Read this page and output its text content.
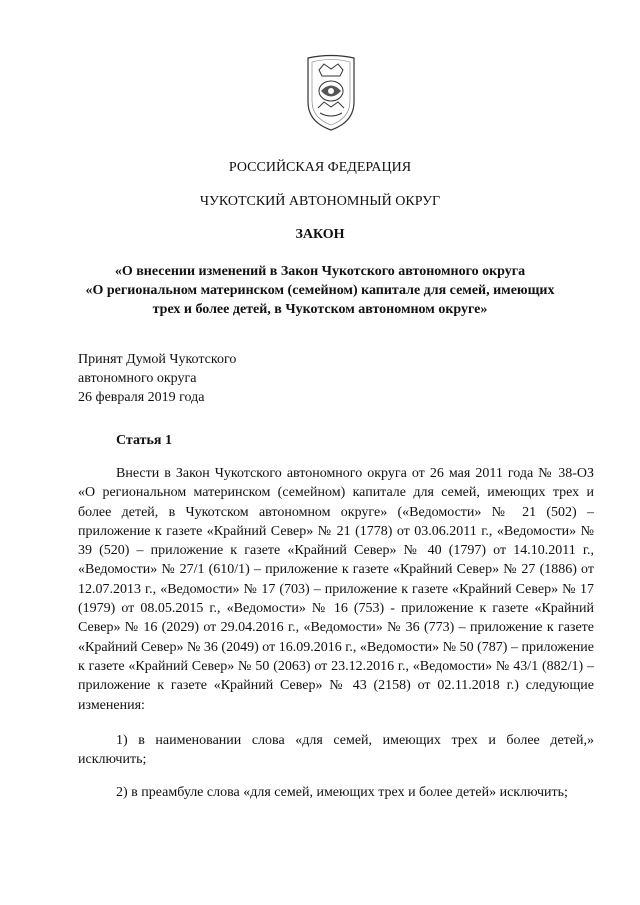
РОССИЙСКАЯ ФЕДЕРАЦИЯ
ЧУКОТСКИЙ АВТОНОМНЫЙ ОКРУГ
ЗАКОН
«О внесении изменений в Закон Чукотского автономного округа
«О региональном материнском (семейном) капитале для семей, имеющих
трех и более детей, в Чукотском автономном округе»
Принят Думой Чукотского
автономного округа
26 февраля 2019 года
Статья 1

Внести в Закон Чукотского автономного округа от 26 мая 2011 года № 38-ОЗ «О региональном материнском (семейном) капитале для семей, имеющих трех и более детей, в Чукотском автономном округе» («Ведомости» № 21 (502) – приложение к газете «Крайний Север» № 21 (1778) от 03.06.2011 г., «Ведомости» № 39 (520) – приложение к газете «Крайний Север» № 40 (1797) от 14.10.2011 г., «Ведомости» № 27/1 (610/1) – приложение к газете «Крайний Север» № 27 (1886) от 12.07.2013 г., «Ведомости» № 17 (703) – приложение к газете «Крайний Север» № 17 (1979) от 08.05.2015 г., «Ведомости» № 16 (753) - приложение к газете «Крайний Север» № 16 (2029) от 29.04.2016 г., «Ведомости» № 36 (773) – приложение к газете «Крайний Север» № 36 (2049) от 16.09.2016 г., «Ведомости» № 50 (787) – приложение к газете «Крайний Север» № 50 (2063) от 23.12.2016 г., «Ведомости» № 43/1 (882/1) – приложение к газете «Крайний Север» № 43 (2158) от 02.11.2018 г.) следующие изменения:

1) в наименовании слова «для семей, имеющих трех и более детей,» исключить;

2) в преамбуле слова «для семей, имеющих трех и более детей» исключить;
